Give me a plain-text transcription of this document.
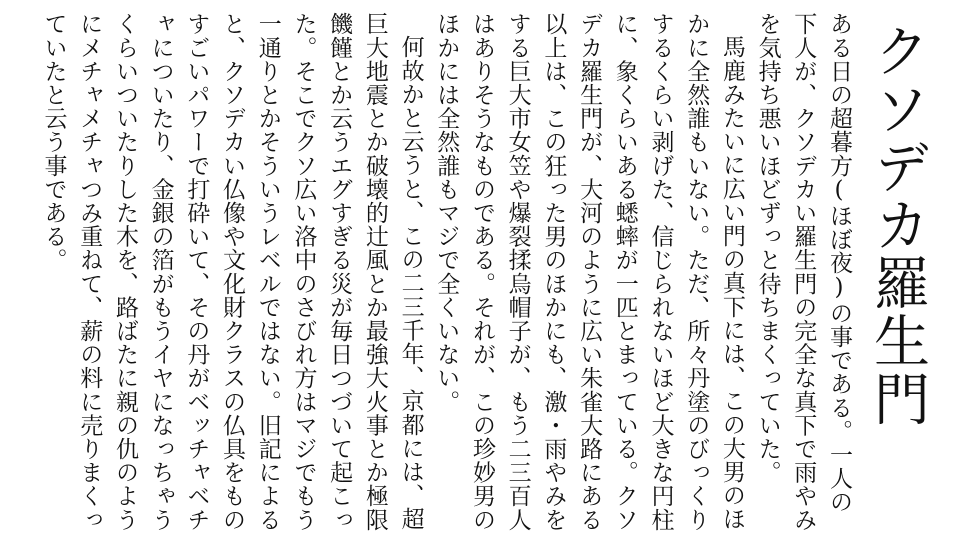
クソデカ羅生門

ある日の超暮方(ほぼ夜)の事である。一人の下人が、クソデカい羅生門の完全な真下で雨やみを気持ち悪いほどずっと待ちまくっていた。

馬鹿みたいに広い門の真下には、この大男のほかに全然誰もいない。ただ、所々丹塗のびっくりするくらい剥げた、信じられないほど大きな円柱に、象くらいある蟋蟀が一匹とまっている。クソデカ羅生門が、大河のように広い朱雀大路にある以上は、この狂った男のほかにも、激・雨やみをする巨大市女笠や爆裂揉烏帽子が、もう二三百人はありそうなものである。それが、この珍妙男のほかには全然誰もマジで全くいない。

何故かと云うと、この二三千年、京都には、超巨大地震とか破壊的辻風とか最強大火事とか極限饑饉とか云うエグすぎる災が毎日つづいて起こった。そこでクソ広い洛中のさびれ方はマジでもう一通りとかそういうレベルではない。旧記によると、クソデカい仏像や文化財クラスの仏具をものすごいパワーで打砕いて、その丹がベッチャベチャについたり、金銀の箔がもうイヤになっちゃうくらいついたりした木を、路ばたに親の仇のようにメチャメチャつみ重ねて、薪の料に売りまくっていたと云う事である。
